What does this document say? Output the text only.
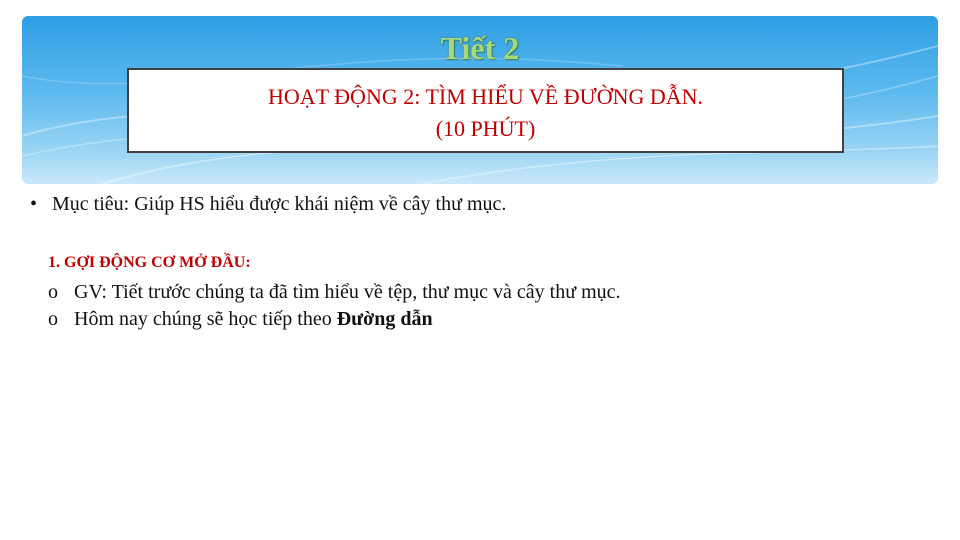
Tiết 2
HOẠT ĐỘNG 2: TÌM HIỂU VỀ ĐƯỜNG DẪN.
(10 PHÚT)
• Mục tiêu: Giúp HS hiểu được khái niệm về cây thư mục.
1. GỢI ĐỘNG CƠ MỞ ĐẦU:
o GV: Tiết trước chúng ta đã tìm hiểu về tệp, thư mục và cây thư mục.
o Hôm nay chúng sẽ học tiếp theo Đường dẫn
